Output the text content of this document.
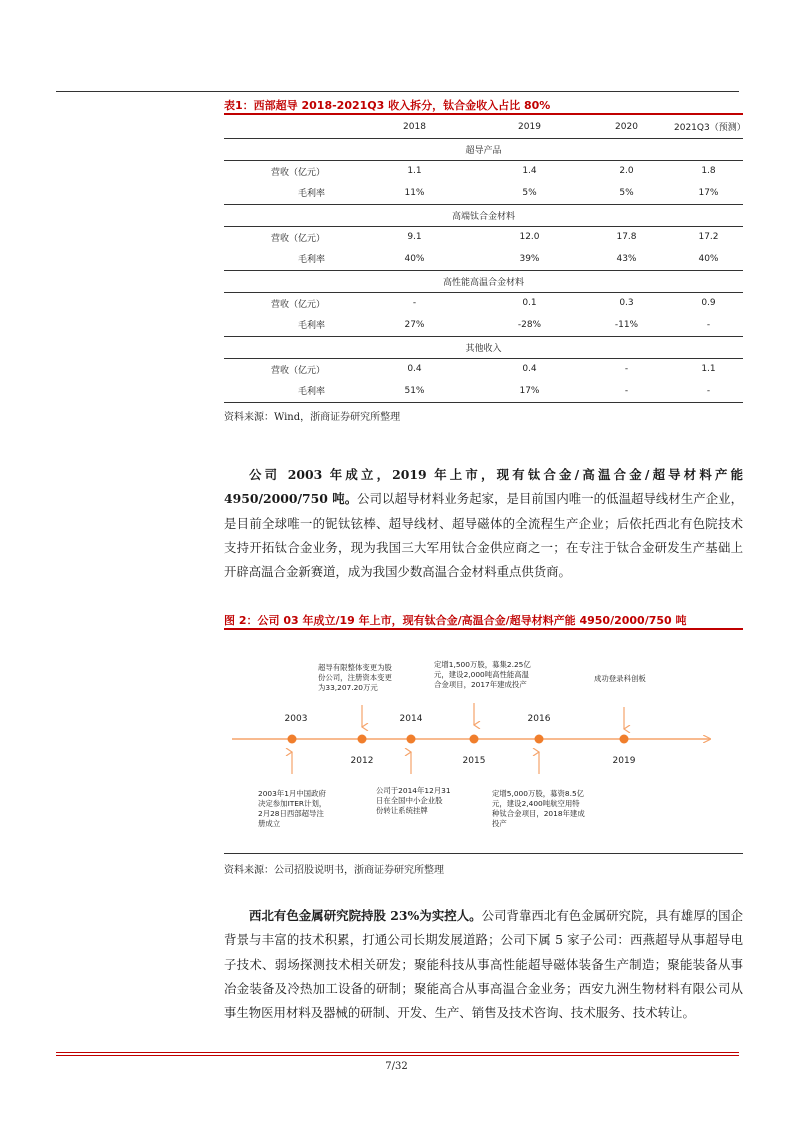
表1：西部超导 2018-2021Q3 收入拆分，钛合金收入占比 80%
	2018	2019	2020	2021Q3（预测）
超导产品				
营收（亿元）	1.1	1.4	2.0	1.8
毛利率	11%	5%	5%	17%
高端钛合金材料				
营收（亿元）	9.1	12.0	17.8	17.2
毛利率	40%	39%	43%	40%
高性能高温合金材料				
营收（亿元）	-	0.1	0.3	0.9
毛利率	27%	-28%	-11%	-
其他收入				
营收（亿元）	0.4	0.4	-	1.1
毛利率	51%	17%	-	-
资料来源：Wind，浙商证券研究所整理
公司 2003 年成立，2019 年上市，现有钛合金/高温合金/超导材料产能 4950/2000/750 吨。公司以超导材料业务起家，是目前国内唯一的低温超导线材生产企业，是目前全球唯一的铌钛铉棒、超导线材、超导磁体的全流程生产企业；后依托西北有色院技术支持开拓钛合金业务，现为我国三大军用钛合金供应商之一；在专注于钛合金研发生产基础上开辟高温合金新赛道，成为我国少数高温合金材料重点供货商。
图 2：公司 03 年成立/19 年上市，现有钛合金/高温合金/超导材料产能 4950/2000/750 吨
2003
2012
2014
2015
2016
2019
超导有限整体变更为股 份公司，注册资本变更 为33,207.20万元
定增1,500万股，募集2.25亿 元，建设2,000吨高性能高温 合金项目，2017年建成投产
成功登录科创板
2003年1月中国政府 决定参加ITER计划， 2月28日西部超导注 册成立
公司于2014年12月31 日在全国中小企业股 份转让系统挂牌
定增5,000万股，募资8.5亿 元，建设2,400吨航空用特 种钛合金项目，2018年建成 投产
资料来源：公司招股说明书，浙商证券研究所整理
西北有色金属研究院持股 23%为实控人。公司背靠西北有色金属研究院，具有雄厚的国企背景与丰富的技术积累，打通公司长期发展道路；公司下属 5 家子公司：西燕超导从事超导电子技术、弱场探测技术相关研发；聚能科技从事高性能超导磁体装备生产制造；聚能装备从事冶金装备及冷热加工设备的研制；聚能高合从事高温合金业务；西安九洲生物材料有限公司从事生物医用材料及器械的研制、开发、生产、销售及技术咨询、技术服务、技术转让。
7/32
